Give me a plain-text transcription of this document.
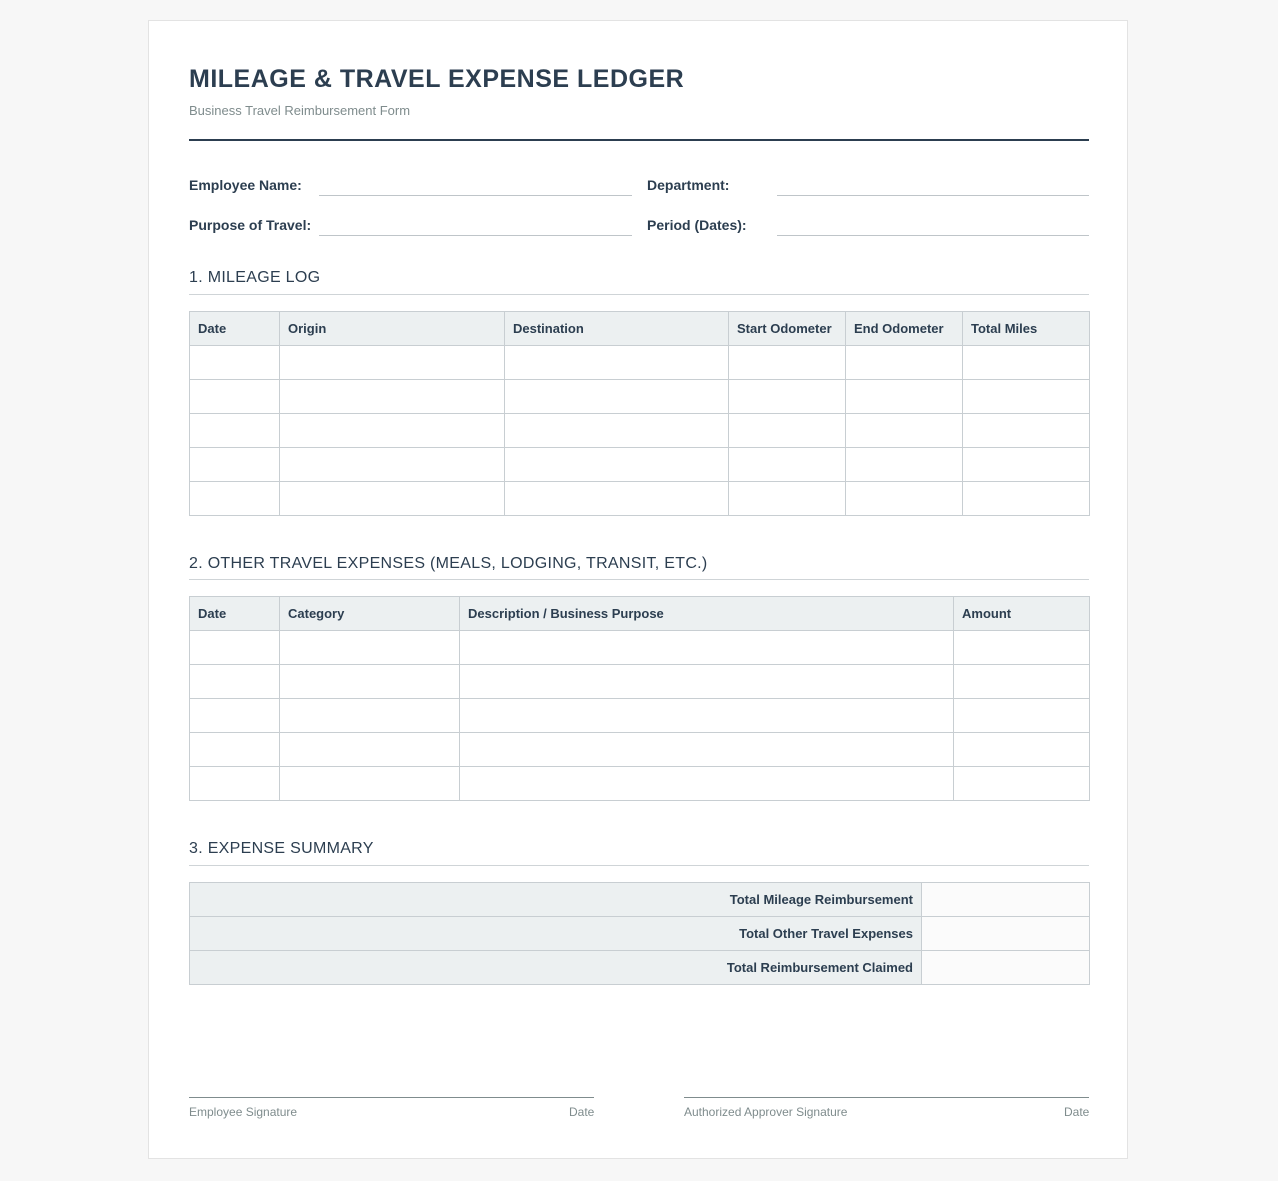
MILEAGE & TRAVEL EXPENSE LEDGER
Business Travel Reimbursement Form
Employee Name:	Department:
Purpose of Travel:	Period (Dates):
1. MILEAGE LOG
Date	Origin	Destination	Start Odometer	End Odometer	Total Miles

2. OTHER TRAVEL EXPENSES (MEALS, LODGING, TRANSIT, ETC.)
Date	Category	Description / Business Purpose	Amount

3. EXPENSE SUMMARY
Total Mileage Reimbursement	
Total Other Travel Expenses	
Total Reimbursement Claimed	
Employee Signature	Date	Authorized Approver Signature	Date
